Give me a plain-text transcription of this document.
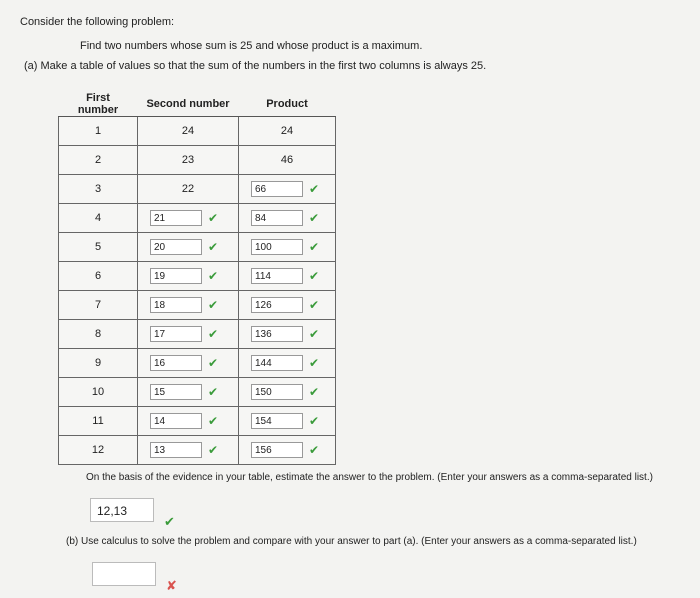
Consider the following problem:
Find two numbers whose sum is 25 and whose product is a maximum.
(a) Make a table of values so that the sum of the numbers in the first two columns is always 25.
First number	Second number	Product
1	24	24

2	23	46

3	22	66 ✔

4	21 ✔	84 ✔

5	20 ✔	100 ✔

6	19 ✔	114 ✔

7	18 ✔	126 ✔

8	17 ✔	136 ✔

9	16 ✔	144 ✔

10	15 ✔	150 ✔

11	14 ✔	154 ✔

12	13 ✔	156 ✔
On the basis of the evidence in your table, estimate the answer to the problem. (Enter your answers as a comma-separated list.)
12,13
✔
(b) Use calculus to solve the problem and compare with your answer to part (a). (Enter your answers as a comma-separated list.)
✘
